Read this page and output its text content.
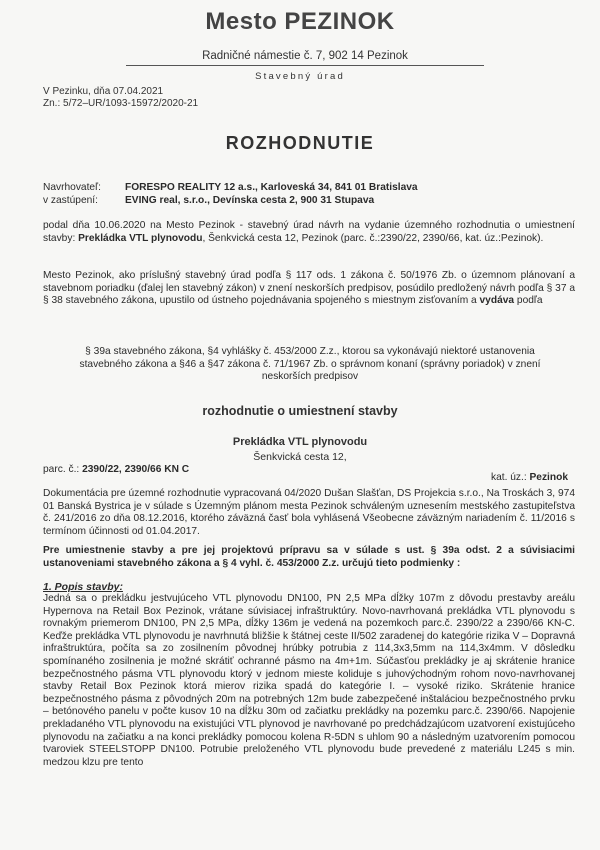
Mesto PEZINOK
Radničné námestie č. 7, 902 14 Pezinok
Stavebný úrad
V Pezinku, dňa 07.04.2021
Zn.: 5/72–UR/1093-15972/2020-21
ROZHODNUTIE
Navrhovateľ: FORESPO REALITY 12 a.s., Karloveská 34, 841 01 Bratislava
v zastúpení:	EVING real, s.r.o., Devínska cesta 2, 900 31 Stupava

podal dňa 10.06.2020 na Mesto Pezinok - stavebný úrad návrh na vydanie územného rozhodnutia o umiestnení stavby: Prekládka VTL plynovodu, Šenkvická cesta 12, Pezinok (parc. č.:2390/22, 2390/66, kat. úz.:Pezinok).

Mesto Pezinok, ako príslušný stavebný úrad podľa § 117 ods. 1 zákona č. 50/1976 Zb. o územnom plánovaní a stavebnom poriadku (ďalej len stavebný zákon) v znení neskorších predpisov, posúdilo predložený návrh podľa § 37 a § 38 stavebného zákona, upustilo od ústneho pojednávania spojeného s miestnym zisťovaním a vydáva podľa

§ 39a stavebného zákona, §4 vyhlášky č. 453/2000 Z.z., ktorou sa vykonávajú niektoré ustanovenia stavebného zákona a §46 a §47 zákona č. 71/1967 Zb. o správnom konaní (správny poriadok) v znení neskorších predpisov
rozhodnutie o umiestnení stavby
Prekládka VTL plynovodu
Šenkvická cesta 12,
parc. č.: 2390/22, 2390/66 KN C
kat. úz.: Pezinok

Dokumentácia pre územné rozhodnutie vypracovaná 04/2020 Dušan Slašťan, DS Projekcia s.r.o., Na Troskách 3, 974 01 Banská Bystrica je v súlade s Územným plánom mesta Pezinok schváleným uznesením mestského zastupiteľstva č. 241/2016 zo dňa 08.12.2016, ktorého záväzná časť bola vyhlásená Všeobecne záväzným nariadením č. 11/2016 s termínom účinnosti od 01.04.2017.

Pre umiestnenie stavby a pre jej projektovú prípravu sa v súlade s ust. § 39a odst. 2 a súvisiacimi ustanoveniami stavebného zákona a § 4 vyhl. č. 453/2000 Z.z. určujú tieto podmienky :

1. Popis stavby:

Jedná sa o prekládku jestvujúceho VTL plynovodu DN100, PN 2,5 MPa dĺžky 107m z dôvodu prestavby areálu Hypernova na Retail Box Pezinok, vrátane súvisiacej infraštruktúry. Novo-navrhovaná prekládka VTL plynovodu s rovnakým priemerom DN100, PN 2,5 MPa, dĺžky 136m je vedená na pozemkoch parc.č. 2390/22 a 2390/66 KN-C. Keďže prekládka VTL plynovodu je navrhnutá bližšie k štátnej ceste II/502 zaradenej do kategórie rizika V – Dopravná infraštruktúra, počíta sa zo zosilnením pôvodnej hrúbky potrubia z 114,3x3,5mm na 114,3x4mm. V dôsledku spomínaného zosilnenia je možné skrátiť ochranné pásmo na 4m+1m. Súčasťou prekládky je aj skrátenie hranice bezpečnostného pásma VTL plynovodu ktorý v jednom mieste koliduje s juhovýchodným rohom novo-navrhovanej stavby Retail Box Pezinok ktorá mierov rizika spadá do kategórie I. – vysoké riziko. Skrátenie hranice bezpečnostného pásma z pôvodných 20m na potrebných 12m bude zabezpečené inštaláciou bezpečnostného prvku – betónového panelu v počte kusov 10 na dĺžku 30m od začiatku prekládky na pozemku parc.č. 2390/66. Napojenie prekladaného VTL plynovodu na existujúci VTL plynovod je navrhované po predchádzajúcom uzatvorení existujúceho plynovodu na začiatku a na konci prekládky pomocou kolena R-5DN s uhlom 90 a následným uzatvorením pomocou tvaroviek STEELSTOPP DN100. Potrubie preloženého VTL plynovodu bude prevedené z materiálu L245 s min. medzou klzu pre tento
